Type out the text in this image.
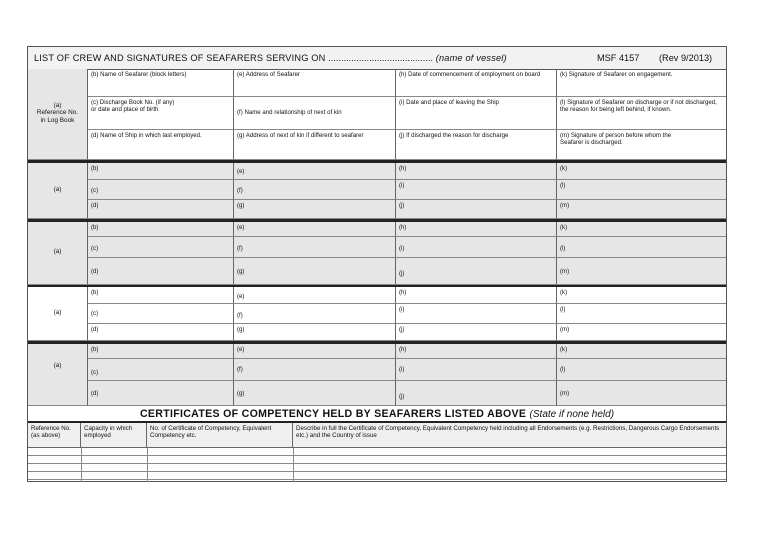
LIST OF CREW AND SIGNATURES OF SEAFARERS SERVING ON ......................................... (name of vessel)	MSF 4157 (Rev 9/2013)
(a)
Reference No.
in Log Book
(b) Name of Seafarer (block letters)
(c) Discharge Book No. (if any)
or date and place of birth
(d) Name of Ship in which last employed.
(e) Address of Seafarer
(f) Name and relationship of next of kin
(g) Address of next of kin if different to seafarer
(h) Date of commencement of employment on board
(i) Date and place of leaving the Ship
(j) If discharged the reason for discharge
(k) Signature of Seafarer on engagement.
(l) Signature of Seafarer on discharge or if not discharged, the reason for being left behind, if known.
(m) Signature of person before whom the
Seafarer is discharged.
(a)
(b)
(c)
(d)
(e)
(f)
(g)
(h)
(i)
(j)
(k)
(l)
(m)
(a)
(b)
(c)
(d)
(e)
(f)
(g)
(h)
(i)
(j)
(k)
(l)
(m)
(a)
(b)
(c)
(d)
(e)
(f)
(g)
(h)
(i)
(j)
(k)
(l)
(m)
(a)
(b)
(c)
(d)
(e)
(f)
(g)
(h)
(i)
(j)
(k)
(l)
(m)
CERTIFICATES OF COMPETENCY HELD BY SEAFARERS LISTED ABOVE (State if none held)
Reference No. (as above)
Capacity in which employed
No. of Certificate of Competency, Equivalent Competency etc.
Describe in full the Certificate of Competency, Equivalent Competency held including all Endorsements (e.g. Restrictions, Dangerous Cargo Endorsements etc.) and the Country of issue
